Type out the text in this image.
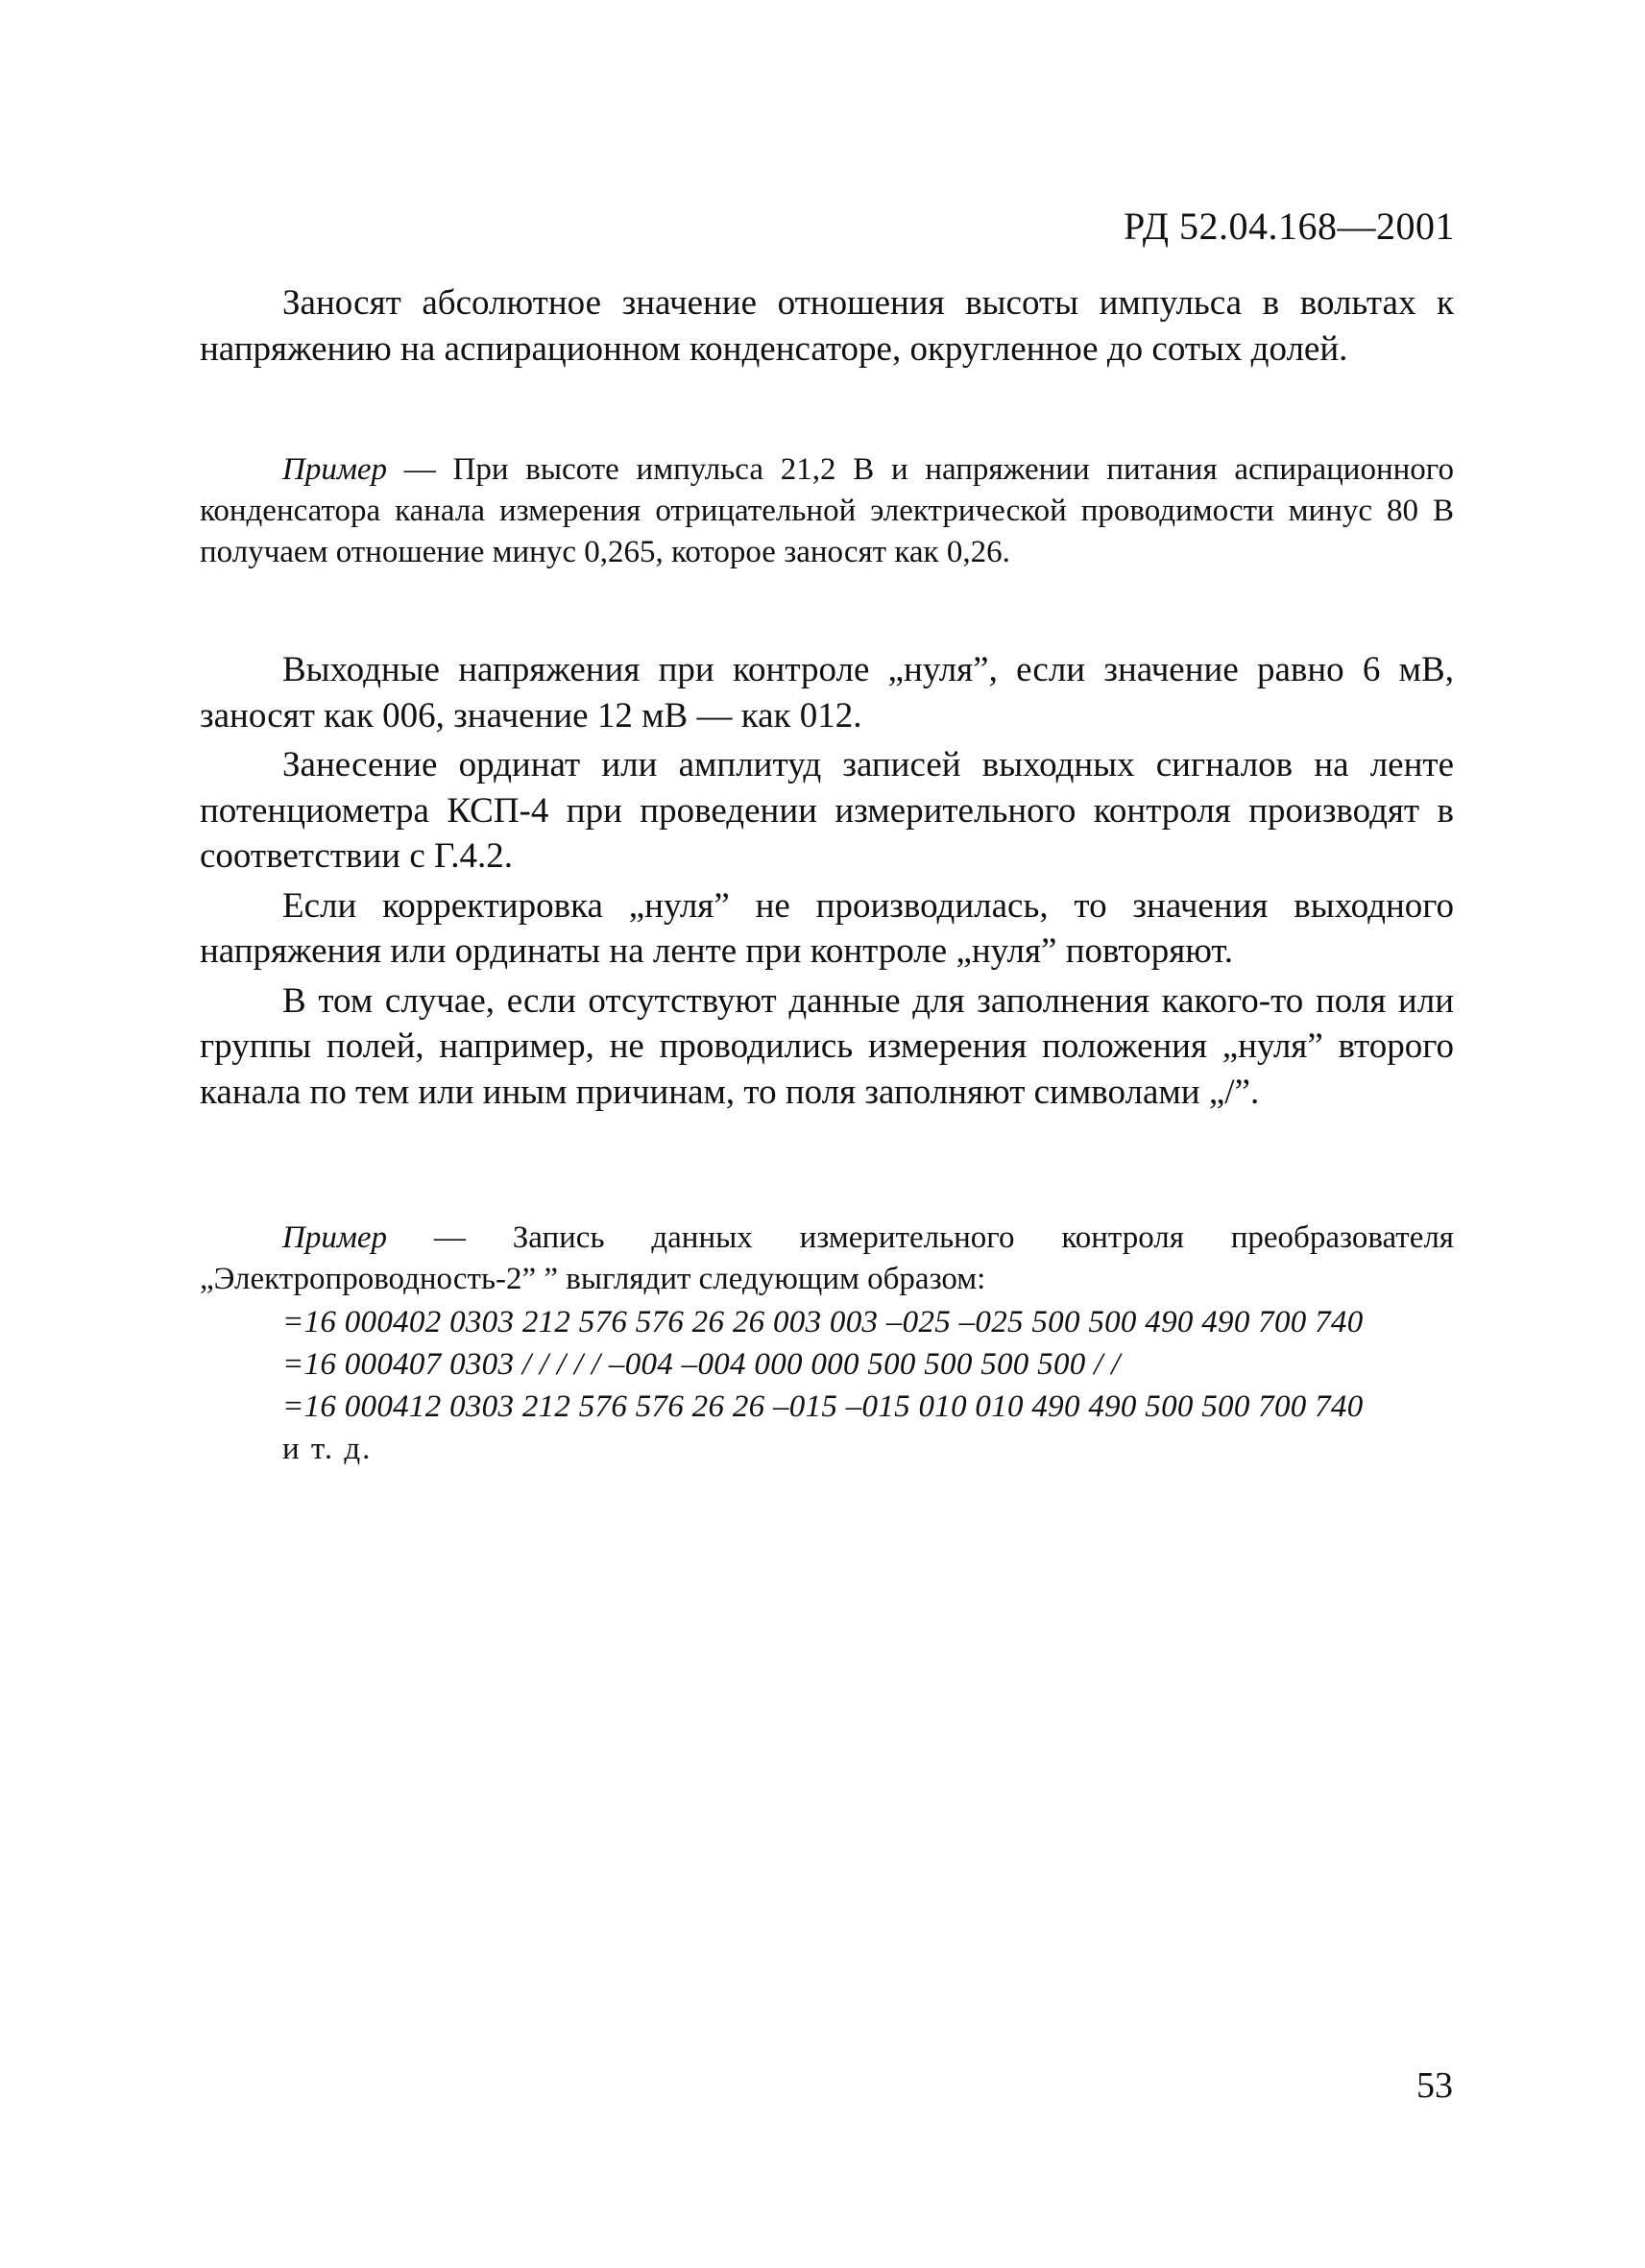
РД 52.04.168—2001

Заносят абсолютное значение отношения высоты импульса в вольтах к напряжению на аспирационном конденсаторе, округленное до сотых долей.

Пример — При высоте импульса 21,2 В и напряжении питания аспирационного конденсатора канала измерения отрицательной электрической проводимости минус 80 В получаем отношение минус 0,265, которое заносят как 0,26.

Выходные напряжения при контроле „нуля”, если значение равно 6 мВ, заносят как 006, значение 12 мВ — как 012.

Занесение ординат или амплитуд записей выходных сигналов на ленте потенциометра КСП-4 при проведении измерительного контроля производят в соответствии с Г.4.2.

Если корректировка „нуля” не производилась, то значения выходного напряжения или ординаты на ленте при контроле „нуля” повторяют.

В том случае, если отсутствуют данные для заполнения какого-то поля или группы полей, например, не проводились измерения положения „нуля” второго канала по тем или иным причинам, то поля заполняют символами „/”.

Пример — Запись данных измерительного контроля преобразователя „Электропроводность-2” ” выглядит следующим образом:

=16 000402 0303 212 576 576 26 26 003 003 –025 –025 500 500 490 490 700 740

=16 000407 0303 / / / / / –004 –004 000 000 500 500 500 500 / /

=16 000412 0303 212 576 576 26 26 –015 –015 010 010 490 490 500 500 700 740

и т. д.

53
